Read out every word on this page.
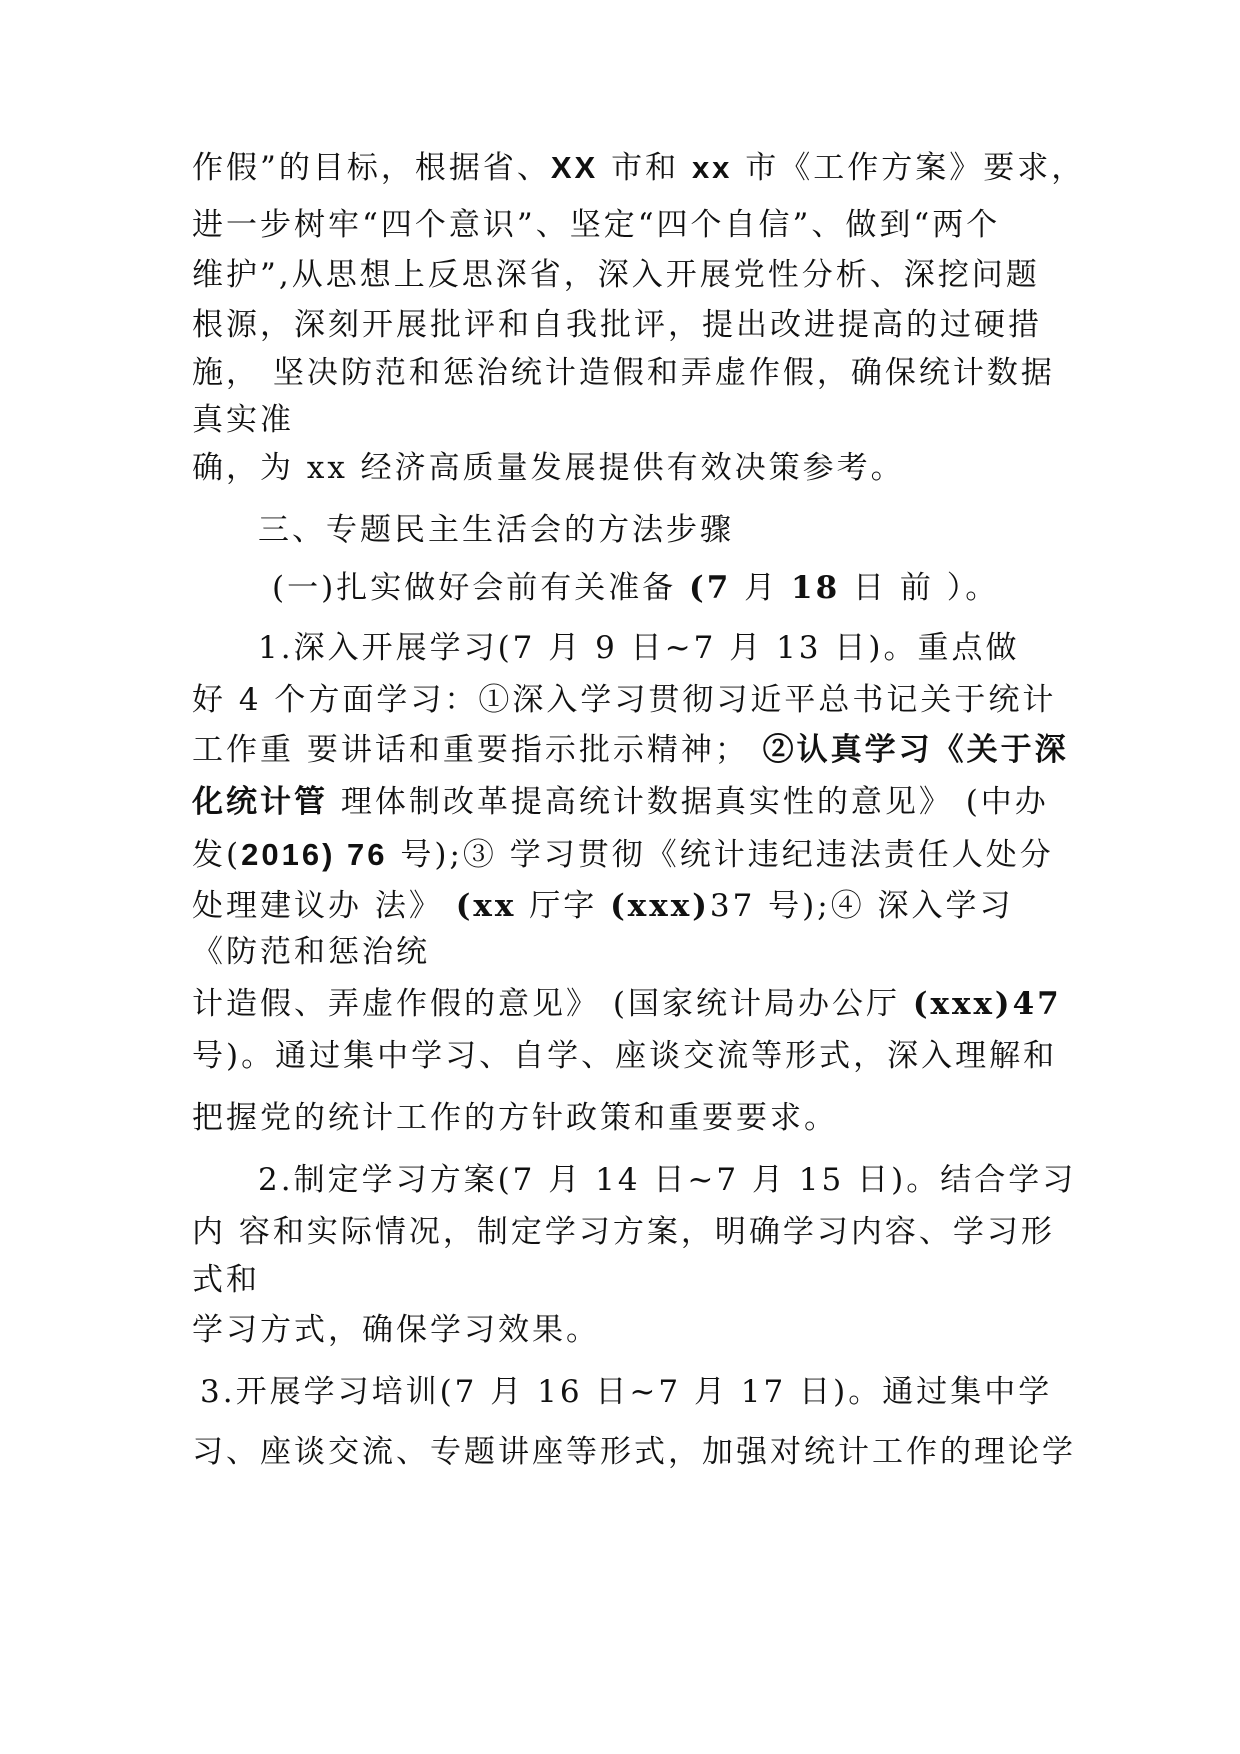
作假”的目标，根据省、XX 市和 xx 市《工作方案》要求，
进一步树牢“四个意识”、坚定“四个自信”、做到“两个
维护”,从思想上反思深省，深入开展党性分析、深挖问题
根源，深刻开展批评和自我批评，提出改进提高的过硬措
施， 坚决防范和惩治统计造假和弄虚作假，确保统计数据
真实准
确，为 xx 经济高质量发展提供有效决策参考。
三、专题民主生活会的方法步骤
(一)扎实做好会前有关准备 (7 月 18 日 前 ）。
1.深入开展学习(7 月 9 日~7 月 13 日)。重点做
好 4 个方面学习：①深入学习贯彻习近平总书记关于统计
工作重 要讲话和重要指示批示精神； ②认真学习《关于深
化统计管 理体制改革提高统计数据真实性的意见》 (中办
发(2016) 76 号);③ 学习贯彻《统计违纪违法责任人处分
处理建议办 法》 (xx 厅字 (xxx)37 号);④ 深入学习
《防范和惩治统
计造假、弄虚作假的意见》 (国家统计局办公厅 (xxx)47
号)。通过集中学习、自学、座谈交流等形式，深入理解和
把握党的统计工作的方针政策和重要要求。
2.制定学习方案(7 月 14 日~7 月 15 日)。结合学习
内 容和实际情况，制定学习方案，明确学习内容、学习形
式和
学习方式，确保学习效果。
3.开展学习培训(7 月 16 日~7 月 17 日)。通过集中学
习、座谈交流、专题讲座等形式，加强对统计工作的理论学
